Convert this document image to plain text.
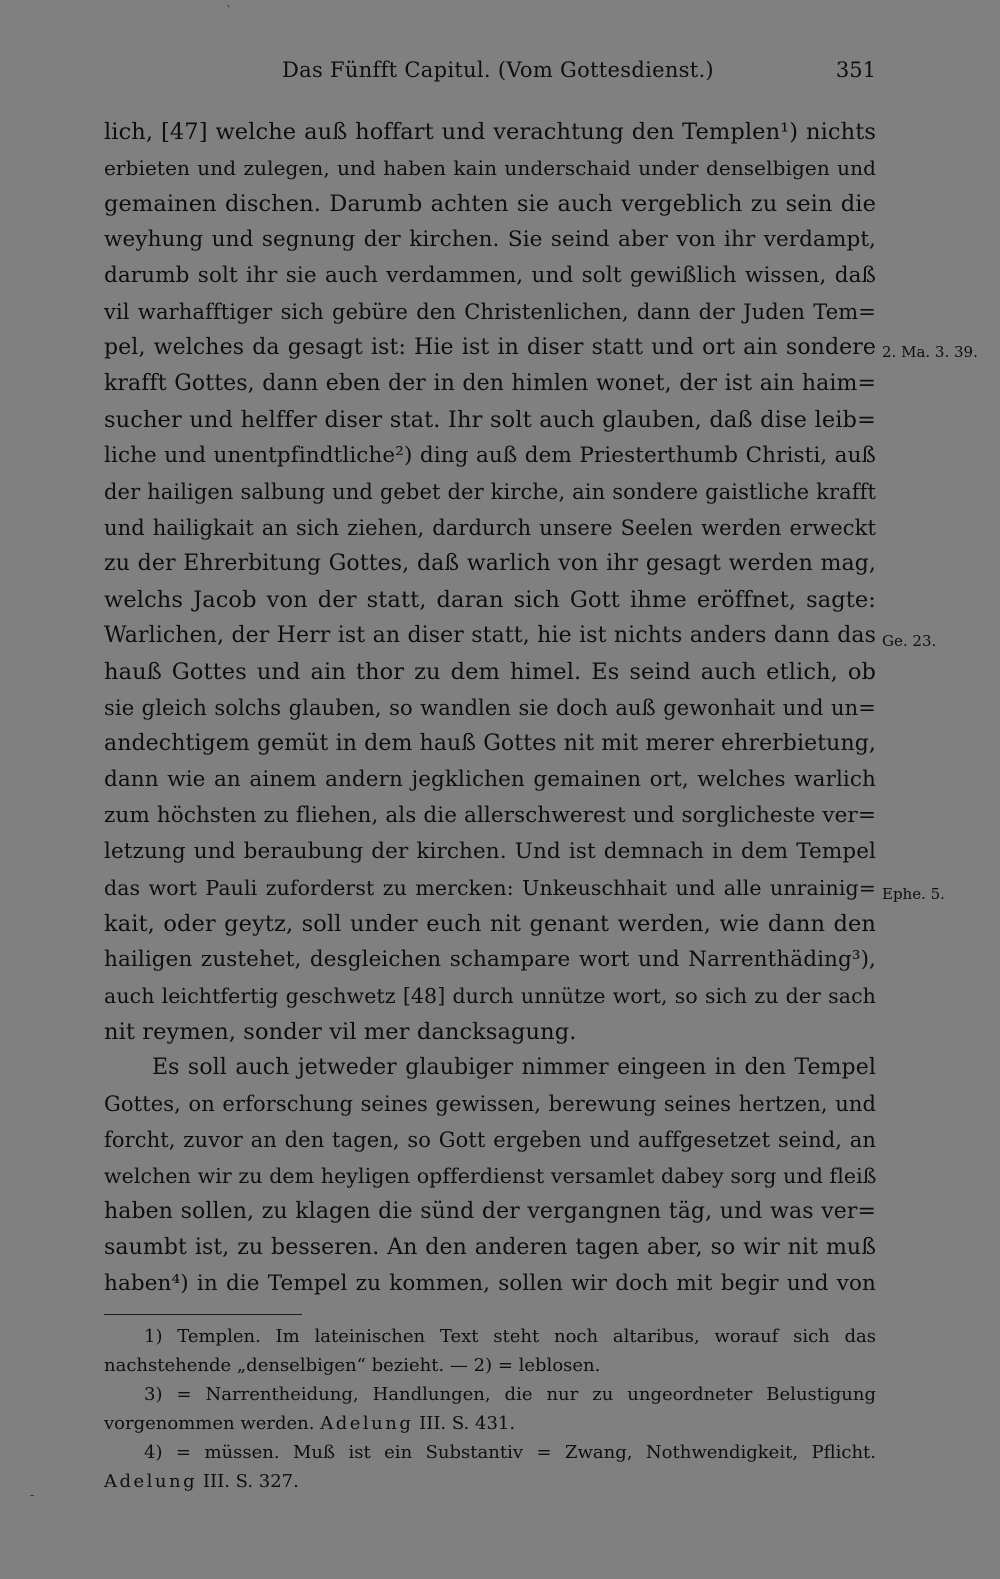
ˋ
Das Fünfft Capitul. (Vom Gottesdienst.)	351
lich, [47] welche auß hoffart und verachtung den Templen¹) nichts
erbieten und zulegen, und haben kain underschaid under denselbigen und
gemainen dischen. Darumb achten sie auch vergeblich zu sein die
weyhung und segnung der kirchen. Sie seind aber von ihr verdampt,
darumb solt ihr sie auch verdammen, und solt gewißlich wissen, daß
vil warhafftiger sich gebüre den Christenlichen, dann der Juden Tem=
pel, welches da gesagt ist: Hie ist in diser statt und ort ain sondere
krafft Gottes, dann eben der in den himlen wonet, der ist ain haim=
sucher und helffer diser stat. Ihr solt auch glauben, daß dise leib=
liche und unentpfindtliche²) ding auß dem Priesterthumb Christi, auß
der hailigen salbung und gebet der kirche, ain sondere gaistliche krafft
und hailigkait an sich ziehen, dardurch unsere Seelen werden erweckt
zu der Ehrerbitung Gottes, daß warlich von ihr gesagt werden mag,
welchs Jacob von der statt, daran sich Gott ihme eröffnet, sagte:
Warlichen, der Herr ist an diser statt, hie ist nichts anders dann das
hauß Gottes und ain thor zu dem himel. Es seind auch etlich, ob
sie gleich solchs glauben, so wandlen sie doch auß gewonhait und un=
andechtigem gemüt in dem hauß Gottes nit mit merer ehrerbietung,
dann wie an ainem andern jegklichen gemainen ort, welches warlich
zum höchsten zu fliehen, als die allerschwerest und sorglicheste ver=
letzung und beraubung der kirchen. Und ist demnach in dem Tempel
das wort Pauli zuforderst zu mercken: Unkeuschhait und alle unrainig=
kait, oder geytz, soll under euch nit genant werden, wie dann den
hailigen zustehet, desgleichen schampare wort und Narrenthäding³),
auch leichtfertig geschwetz [48] durch unnütze wort, so sich zu der sach
nit reymen, sonder vil mer dancksagung.
Es soll auch jetweder glaubiger nimmer eingeen in den Tempel
Gottes, on erforschung seines gewissen, berewung seines hertzen, und
forcht, zuvor an den tagen, so Gott ergeben und auffgesetzet seind, an
welchen wir zu dem heyligen opfferdienst versamlet dabey sorg und fleiß
haben sollen, zu klagen die sünd der vergangnen täg, und was ver=
saumbt ist, zu besseren. An den anderen tagen aber, so wir nit muß
haben⁴) in die Tempel zu kommen, sollen wir doch mit begir und von
2. Ma. 3. 39.
Ge. 23.
Ephe. 5.
1) Templen. Im lateinischen Text steht noch altaribus, worauf sich das
nachstehende „denselbigen“ bezieht. — 2) = leblosen.
3) = Narrentheidung, Handlungen, die nur zu ungeordneter Belustigung
vorgenommen werden. Adelung III. S. 431.
4) = müssen. Muß ist ein Substantiv = Zwang, Nothwendigkeit, Pflicht.
Adelung III. S. 327.
-
